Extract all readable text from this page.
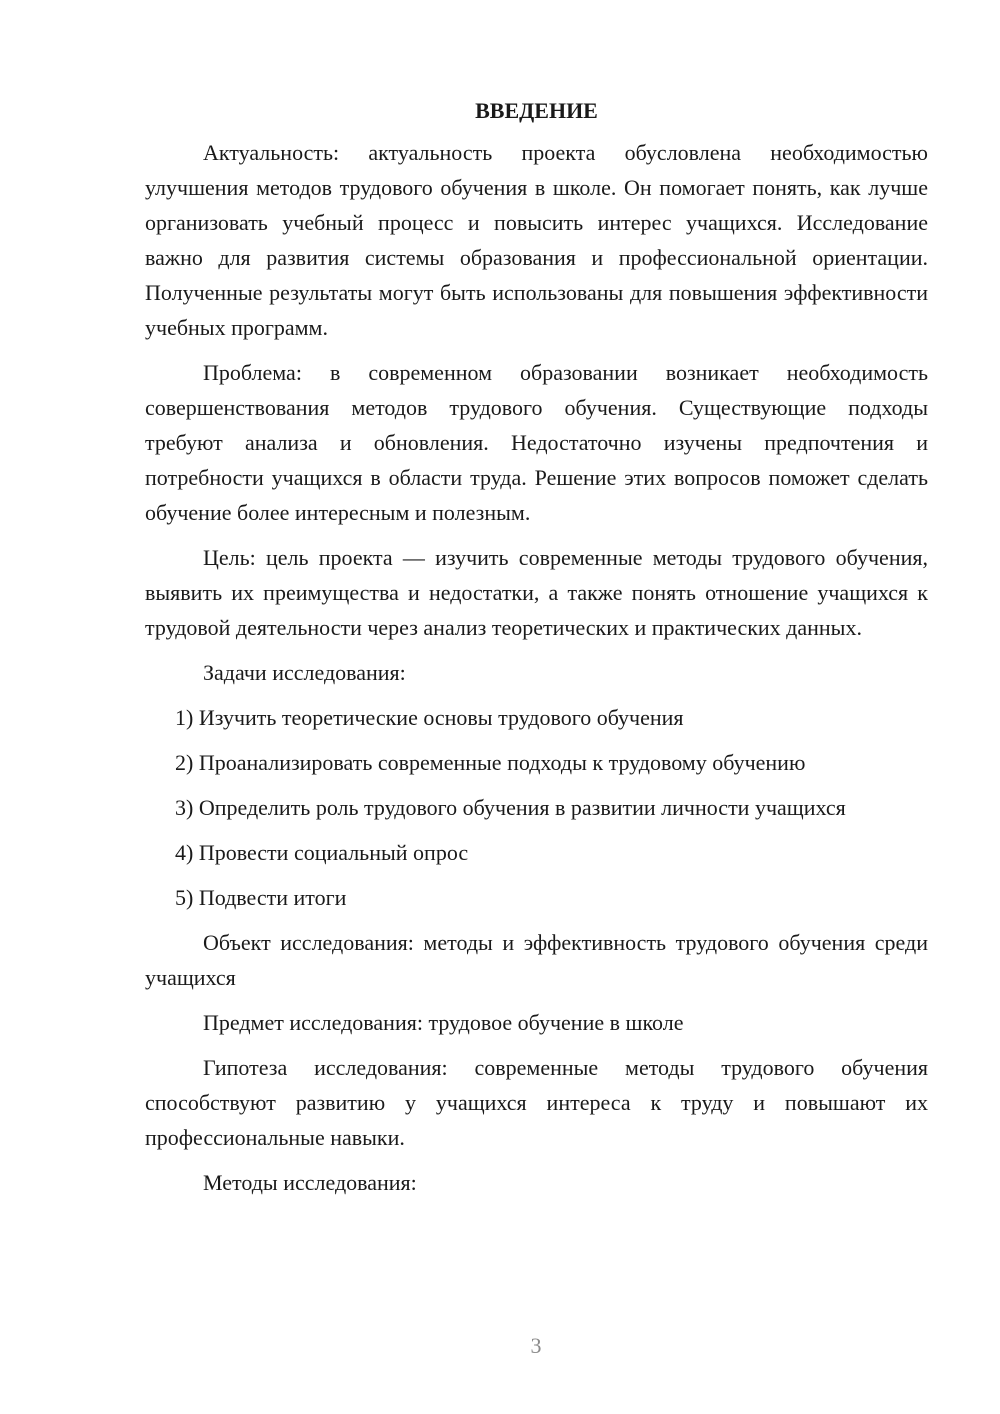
ВВЕДЕНИЕ

Актуальность: актуальность проекта обусловлена необходимостью улучшения методов трудового обучения в школе. Он помогает понять, как лучше организовать учебный процесс и повысить интерес учащихся. Исследование важно для развития системы образования и профессиональной ориентации. Полученные результаты могут быть использованы для повышения эффективности учебных программ.

Проблема: в современном образовании возникает необходимость совершенствования методов трудового обучения. Существующие подходы требуют анализа и обновления. Недостаточно изучены предпочтения и потребности учащихся в области труда. Решение этих вопросов поможет сделать обучение более интересным и полезным.

Цель: цель проекта — изучить современные методы трудового обучения, выявить их преимущества и недостатки, а также понять отношение учащихся к трудовой деятельности через анализ теоретических и практических данных.

Задачи исследования:

1) Изучить теоретические основы трудового обучения

2) Проанализировать современные подходы к трудовому обучению

3) Определить роль трудового обучения в развитии личности учащихся

4) Провести социальный опрос

5) Подвести итоги

Объект исследования: методы и эффективность трудового обучения среди учащихся

Предмет исследования: трудовое обучение в школе

Гипотеза исследования: современные методы трудового обучения способствуют развитию у учащихся интереса к труду и повышают их профессиональные навыки.

Методы исследования:

3
